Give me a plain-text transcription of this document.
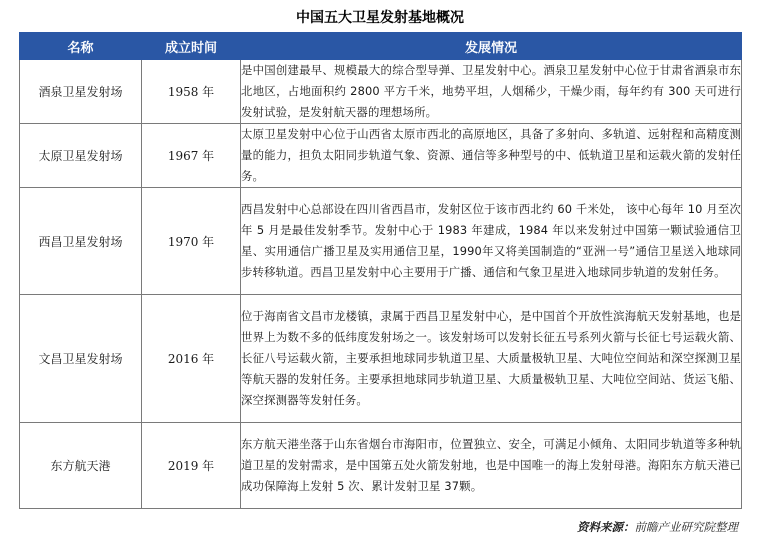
中国五大卫星发射基地概况
名称	成立时间	发展情况
酒泉卫星发射场	1958 年	是中国创建最早、规模最大的综合型导弹、卫星发射中心。酒泉卫星发射中心位于甘肃省酒泉市东北地区，占地面积约 2800 平方千米，地势平坦，人烟稀少，干燥少雨，每年约有 300 天可进行发射试验，是发射航天器的理想场所。
太原卫星发射场	1967 年	太原卫星发射中心位于山西省太原市西北的高原地区，具备了多射向、多轨道、远射程和高精度测量的能力，担负太阳同步轨道气象、资源、通信等多种型号的中、低轨道卫星和运载火箭的发射任务。
西昌卫星发射场	1970 年	西昌发射中心总部设在四川省西昌市，发射区位于该市西北约 60 千米处， 该中心每年 10 月至次年 5 月是最佳发射季节。发射中心于 1983 年建成，1984 年以来发射过中国第一颗试验通信卫星、实用通信广播卫星及实用通信卫星，1990年又将美国制造的“亚洲一号”通信卫星送入地球同步转移轨道。西昌卫星发射中心主要用于广播、通信和气象卫星进入地球同步轨道的发射任务。
文昌卫星发射场	2016 年	位于海南省文昌市龙楼镇，隶属于西昌卫星发射中心，是中国首个开放性滨海航天发射基地，也是世界上为数不多的低纬度发射场之一。该发射场可以发射长征五号系列火箭与长征七号运载火箭、长征八号运载火箭，主要承担地球同步轨道卫星、大质量极轨卫星、大吨位空间站和深空探测卫星等航天器的发射任务。主要承担地球同步轨道卫星、大质量极轨卫星、大吨位空间站、货运飞船、深空探测器等发射任务。
东方航天港	2019 年	东方航天港坐落于山东省烟台市海阳市，位置独立、安全，可满足小倾角、太阳同步轨道等多种轨道卫星的发射需求，是中国第五处火箭发射地，也是中国唯一的海上发射母港。海阳东方航天港已成功保障海上发射 5 次、累计发射卫星 37颗。
资料来源：前瞻产业研究院整理
